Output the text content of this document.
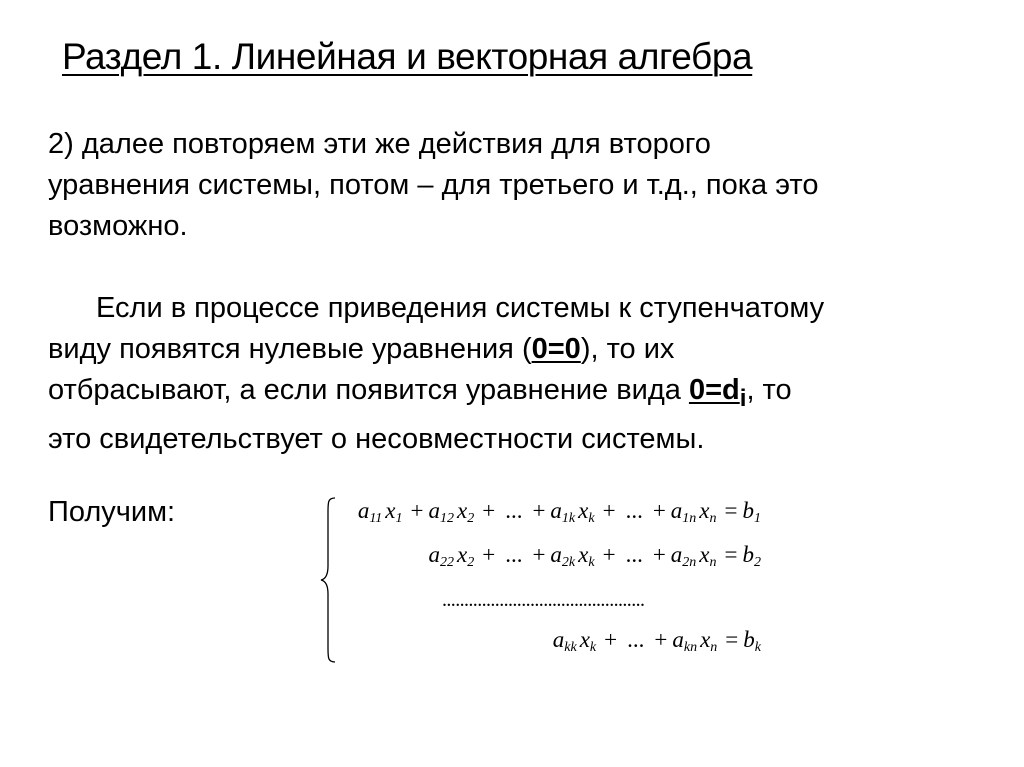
Раздел 1. Линейная и векторная алгебра
2) далее повторяем эти же действия для второго
уравнения системы, потом – для третьего и т.д., пока это
возможно.
Если в процессе приведения системы к ступенчатому
виду появятся нулевые уравнения (0=0), то их
отбрасывают, а если появится уравнение вида $0=d_i$, то
это свидетельствует о несовместности системы.
Получим:	$a_{11}$ $x_1 + a_{12}$ $x_2$ + ... + $a_{1k}$ $x_k$ + ... + $a_{1n}$ $x_n = b_1$
$a_{22}$ $x_2$ + ... + $a_{2k}$ $x_k$ + ... + $a_{2n}$ $x_n = b_2$
..............................................
$a_{kk}$ $x_k$ + ... + $a_{kn}$ $x_n = b_k$
